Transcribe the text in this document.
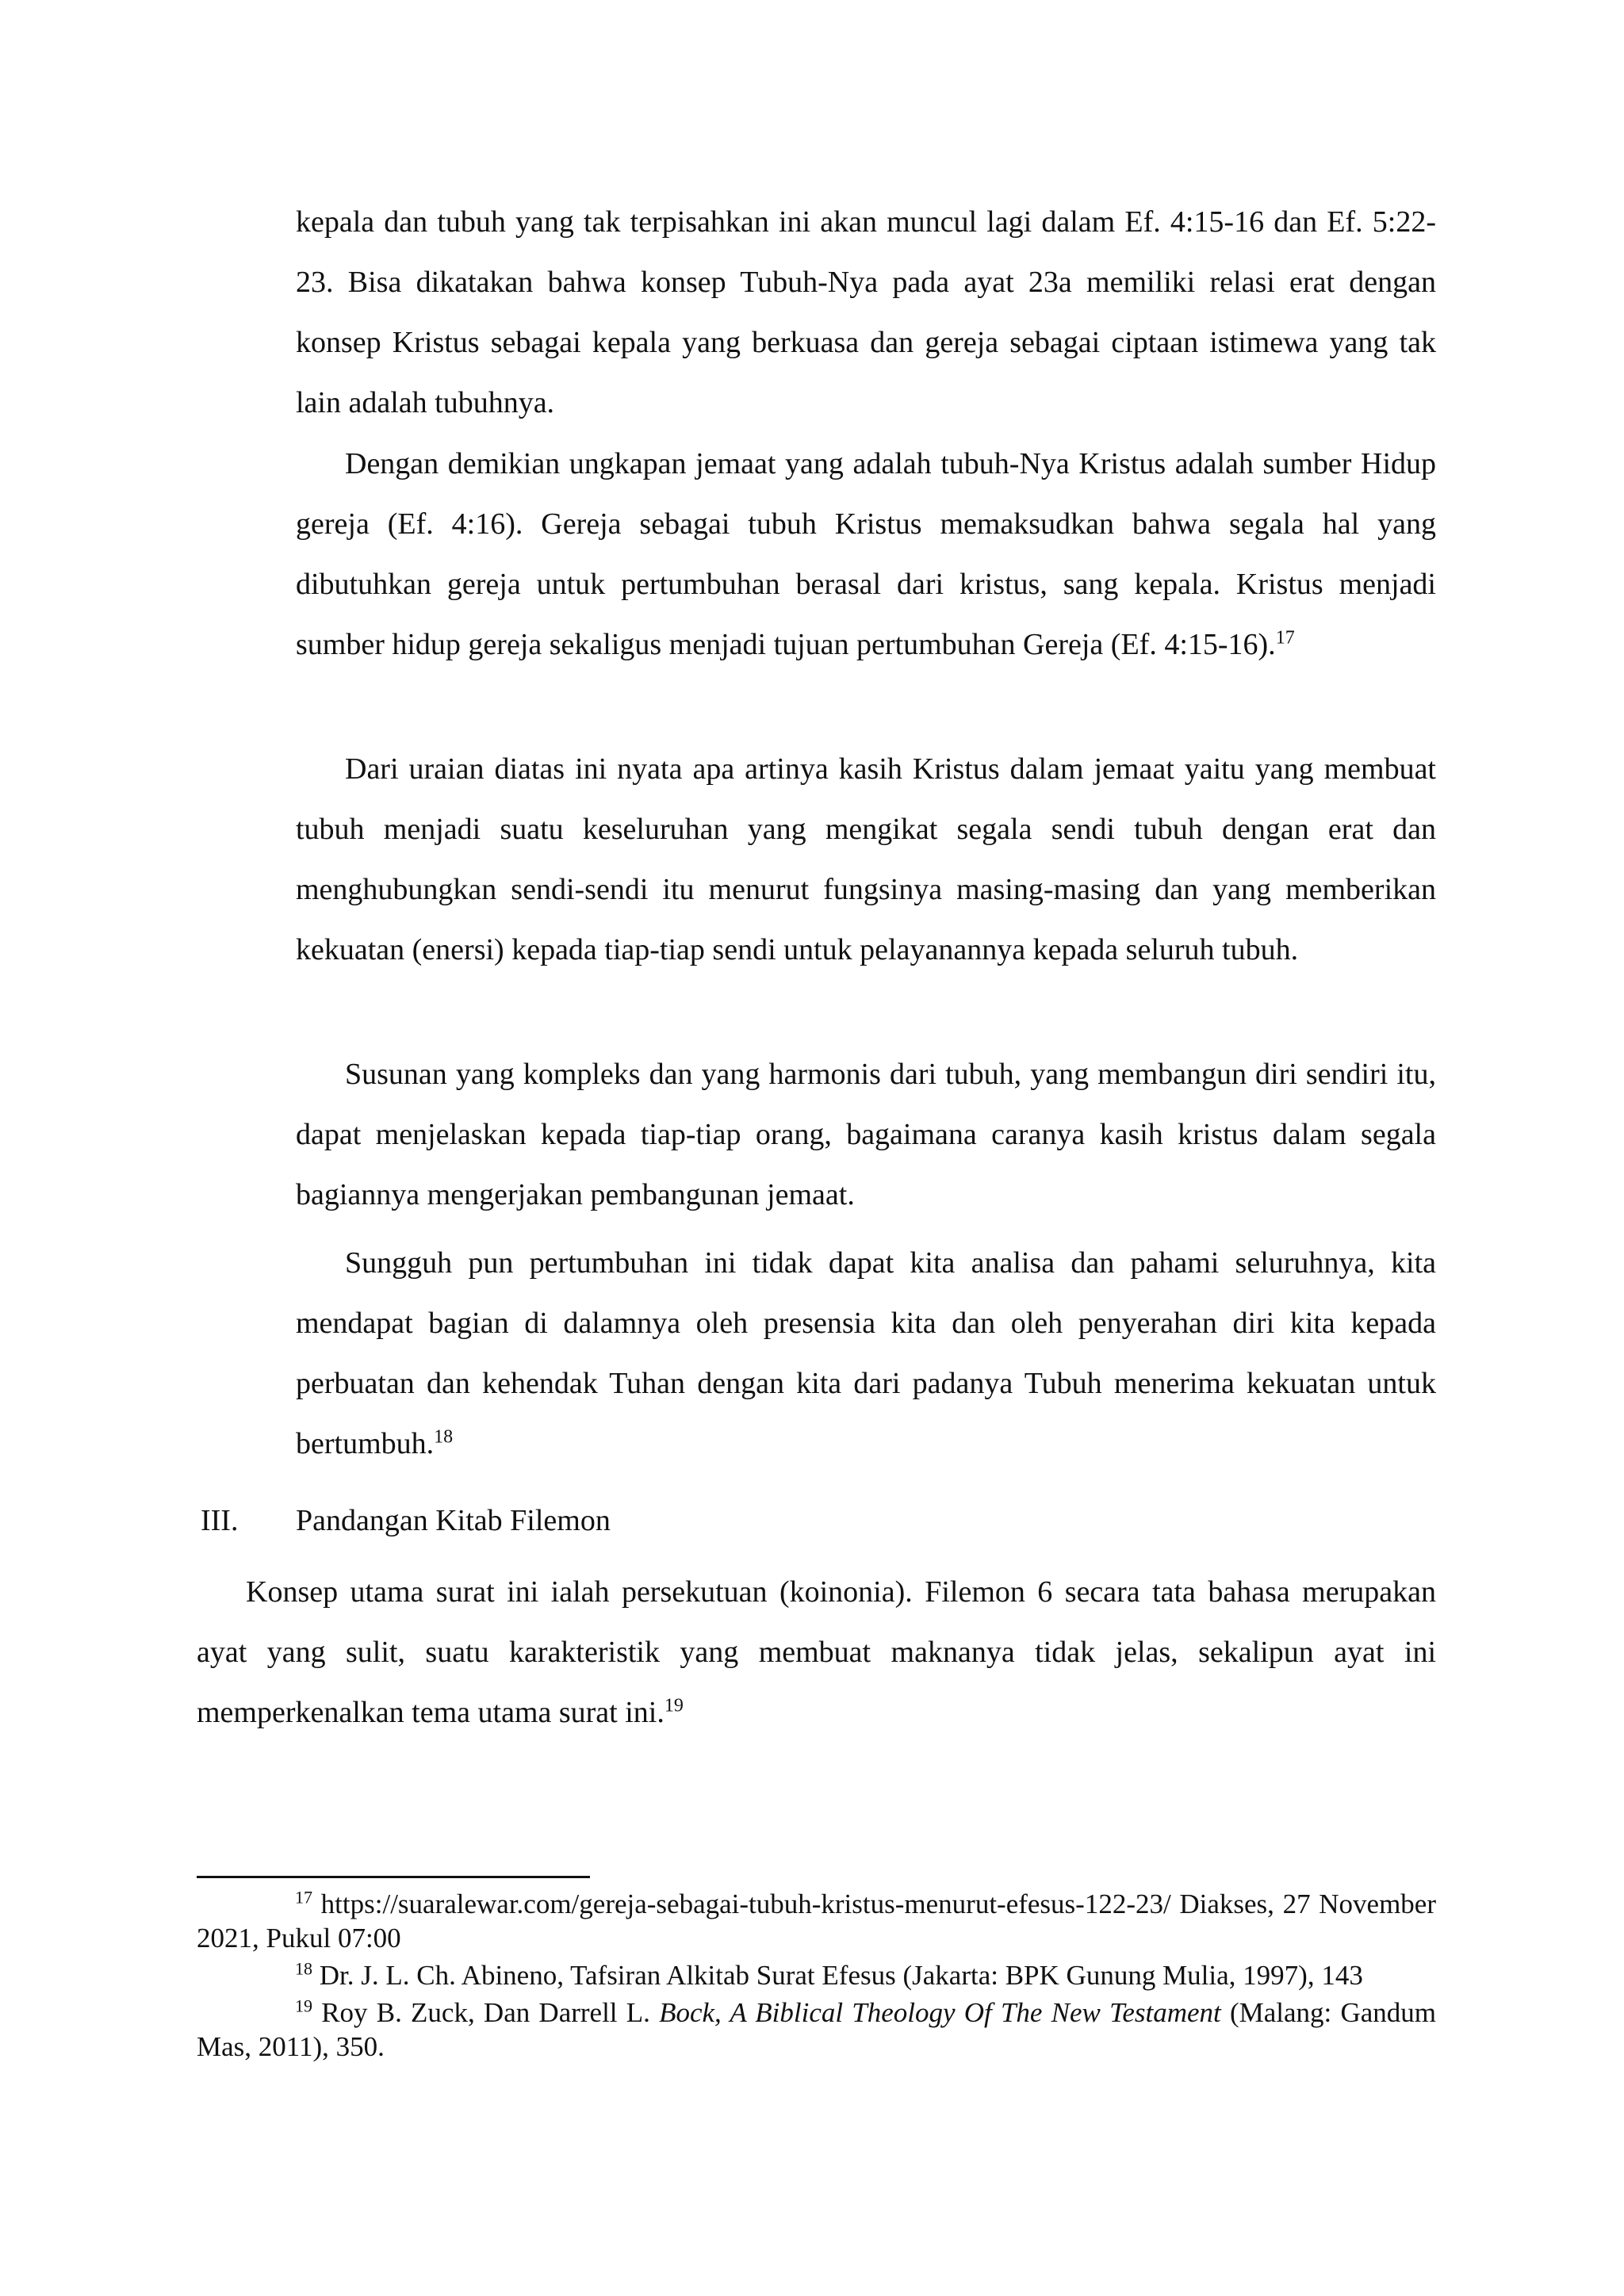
kepala dan tubuh yang tak terpisahkan ini akan muncul lagi dalam Ef. 4:15-16 dan Ef. 5:22-23. Bisa dikatakan bahwa konsep Tubuh-Nya pada ayat 23a memiliki relasi erat dengan konsep Kristus sebagai kepala yang berkuasa dan gereja sebagai ciptaan istimewa yang tak lain adalah tubuhnya.

Dengan demikian ungkapan jemaat yang adalah tubuh-Nya Kristus adalah sumber Hidup gereja (Ef. 4:16). Gereja sebagai tubuh Kristus memaksudkan bahwa segala hal yang dibutuhkan gereja untuk pertumbuhan berasal dari kristus, sang kepala. Kristus menjadi sumber hidup gereja sekaligus menjadi tujuan pertumbuhan Gereja (Ef. 4:15-16).$^{17}$

Dari uraian diatas ini nyata apa artinya kasih Kristus dalam jemaat yaitu yang membuat tubuh menjadi suatu keseluruhan yang mengikat segala sendi tubuh dengan erat dan menghubungkan sendi-sendi itu menurut fungsinya masing-masing dan yang memberikan kekuatan (enersi) kepada tiap-tiap sendi untuk pelayanannya kepada seluruh tubuh.

Susunan yang kompleks dan yang harmonis dari tubuh, yang membangun diri sendiri itu, dapat menjelaskan kepada tiap-tiap orang, bagaimana caranya kasih kristus dalam segala bagiannya mengerjakan pembangunan jemaat.

Sungguh pun pertumbuhan ini tidak dapat kita analisa dan pahami seluruhnya, kita mendapat bagian di dalamnya oleh presensia kita dan oleh penyerahan diri kita kepada perbuatan dan kehendak Tuhan dengan kita dari padanya Tubuh menerima kekuatan untuk bertumbuh.$^{18}$

III. Pandangan Kitab Filemon

Konsep utama surat ini ialah persekutuan (koinonia). Filemon 6 secara tata bahasa merupakan ayat yang sulit, suatu karakteristik yang membuat maknanya tidak jelas, sekalipun ayat ini memperkenalkan tema utama surat ini.$^{19}$

$^{17}$ https://suaralewar.com/gereja-sebagai-tubuh-kristus-menurut-efesus-122-23/ Diakses, 27 November 2021, Pukul 07:00

$^{18}$ Dr. J. L. Ch. Abineno, Tafsiran Alkitab Surat Efesus (Jakarta: BPK Gunung Mulia, 1997), 143

$^{19}$ Roy B. Zuck, Dan Darrell L. Bock, A Biblical Theology Of The New Testament (Malang: Gandum Mas, 2011), 350.
